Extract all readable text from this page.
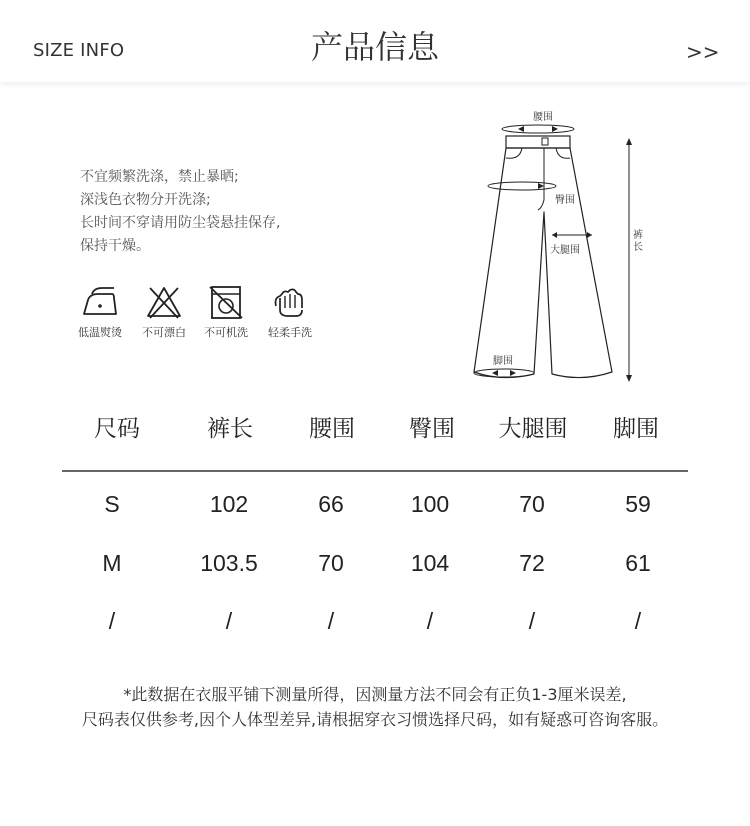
SIZE INFO	产品信息	>>
不宜频繁洗涤，禁止暴晒;
深浅色衣物分开洗涤;
长时间不穿请用防尘袋悬挂保存,
保持干燥。
低温熨烫	不可漂白	不可机洗	轻柔手洗
腰围
臀围
大腿围
脚围
裤长
尺码	裤长	腰围	臀围	大腿围	脚围
S	102	66	100	70	59
M	103.5	70	104	72	61
/	/	/	/	/	/
*此数据在衣服平铺下测量所得，因测量方法不同会有正负1-3厘米误差,
尺码表仅供参考,因个人体型差异,请根据穿衣习惯选择尺码，如有疑惑可咨询客服。
